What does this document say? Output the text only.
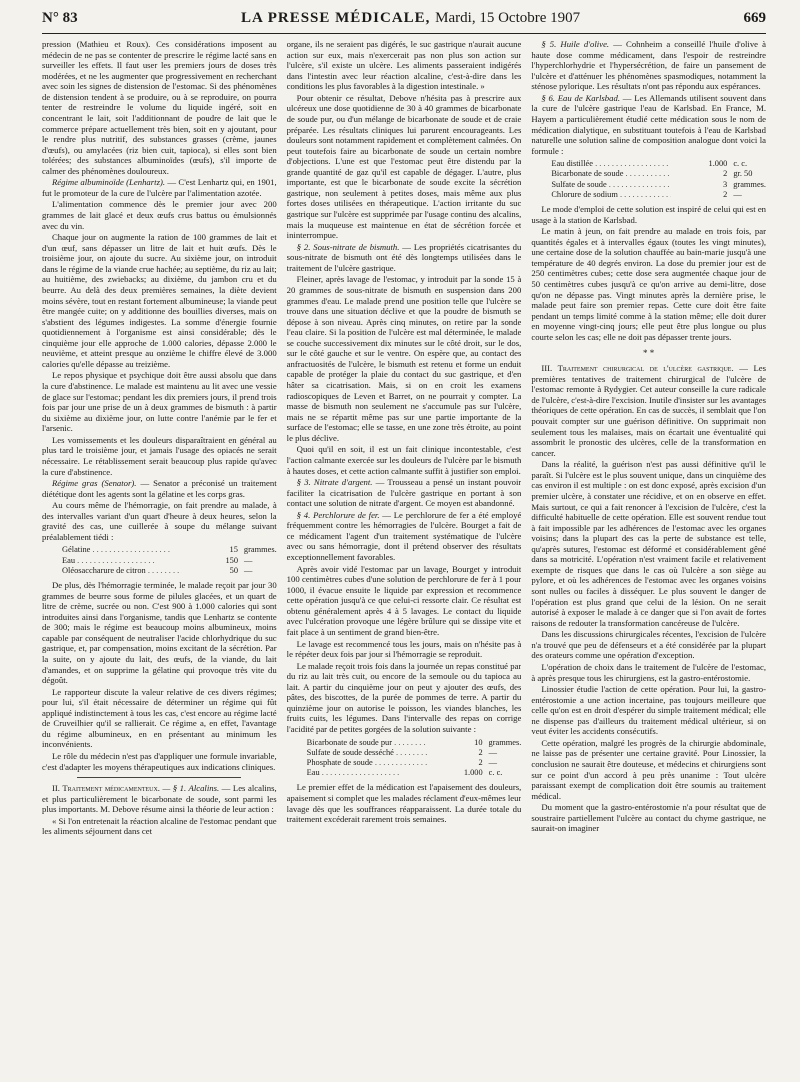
N° 83	LA PRESSE MÉDICALE, Mardi, 15 Octobre 1907	669

pression (Mathieu et Roux). Ces considérations imposent au médecin de ne pas se contenter de prescrire le régime lacté sans en surveiller les effets. Il faut user les premiers jours de doses très modérées, et ne les augmenter que progressivement en recherchant avec soin les signes de distension de l'estomac. Si des phénomènes de distension tendent à se produire, ou à se reproduire, on pourra tenter de restreindre le volume du liquide ingéré, soit en concentrant le lait, soit l'additionnant de poudre de lait que le commerce prépare actuellement très bien, soit en y ajoutant, pour le rendre plus nutritif, des substances grasses (crème, jaunes d'œufs), ou amylacées (riz bien cuit, tapioca), si elles sont bien tolérées; des substances albuminoïdes (œufs), s'il importe de calmer des phénomènes douloureux.

Régime albuminoïde (Lenhartz). — C'est Lenhartz qui, en 1901, fut le promoteur de la cure de l'ulcère par l'alimentation azotée.

L'alimentation commence dès le premier jour avec 200 grammes de lait glacé et deux œufs crus battus ou émulsionnés avec du vin.

Chaque jour on augmente la ration de 100 grammes de lait et d'un œuf, sans dépasser un litre de lait et huit œufs. Dès le troisième jour, on ajoute du sucre. Au sixième jour, on introduit dans le régime de la viande crue hachée; au septième, du riz au lait; au huitième, des zwiebacks; au dixième, du jambon cru et du beurre. Au delà des deux premières semaines, la diète devient moins sévère, tout en restant fortement albumineuse; la viande peut être mangée cuite; on y additionne des bouillies diverses, mais on s'abstient des légumes indigestes. La somme d'énergie fournie quotidiennement à l'organisme est ainsi considérable; dès le cinquième jour elle approche de 1.000 calories, dépasse 2.000 le neuvième, et atteint presque au onzième le chiffre élevé de 3.000 calories qu'elle dépasse au treizième.

Le repos physique et psychique doit être aussi absolu que dans la cure d'abstinence. Le malade est maintenu au lit avec une vessie de glace sur l'estomac; pendant les dix premiers jours, il prend trois fois par jour une prise de un à deux grammes de bismuth : à partir du sixième au dixième jour, on lutte contre l'anémie par le fer et l'arsenic.

Les vomissements et les douleurs disparaîtraient en général au plus tard le troisième jour, et jamais l'usage des opiacés ne serait nécessaire. Le rétablissement serait beaucoup plus rapide qu'avec la cure d'abstinence.

Régime gras (Senator). — Senator a préconisé un traitement diététique dont les agents sont la gélatine et les corps gras.

Au cours même de l'hémorragie, on fait prendre au malade, à des intervalles variant d'un quart d'heure à deux heures, selon la gravité des cas, une cuillerée à soupe du mélange suivant préalablement tiédi :

Gélatine . . .	15 grammes.
Eau . . .	150 —
Oléosaccharure de citron . . .	50 —

De plus, dès l'hémorragie terminée, le malade reçoit par jour 30 grammes de beurre sous forme de pilules glacées, et un quart de litre de crème, sucrée ou non. C'est 900 à 1.000 calories qui sont introduites ainsi dans l'organisme, tandis que Lenhartz se contente de 300; mais le régime est beaucoup moins albumineux, moins capable par conséquent de neutraliser l'acide chlorhydrique du suc gastrique, et, par compensation, moins excitant de la sécrétion. Par la suite, on y ajoute du lait, des œufs, de la viande, du lait d'amandes, et on supprime la gélatine qui provoque très vite du dégoût.

Le rapporteur discute la valeur relative de ces divers régimes; pour lui, s'il était nécessaire de déterminer un régime qui fût appliqué indistinctement à tous les cas, c'est encore au régime lacté de Cruveilhier qu'il se rallierait. Ce régime a, en effet, l'avantage du régime albumineux, en en présentant au minimum les inconvénients.

Le rôle du médecin n'est pas d'appliquer une formule invariable, c'est d'adapter les moyens thérapeutiques aux indications cliniques.

II. Traitement médicamenteux. — § 1. Alcalins. — Les alcalins, et plus particulièrement le bicarbonate de soude, sont parmi les plus importants. M. Debove résume ainsi la théorie de leur action :

« Si l'on entretenait la réaction alcaline de l'estomac pendant que les aliments séjournent dans cet

organe, ils ne seraient pas digérés, le suc gastrique n'aurait aucune action sur eux, mais n'exercerait pas non plus son action sur l'ulcère, s'il existe un ulcère. Les aliments passeraient indigérés dans l'intestin avec leur réaction alcaline, c'est-à-dire dans les conditions les plus favorables à la digestion intestinale. »

Pour obtenir ce résultat, Debove n'hésita pas à prescrire aux ulcéreux une dose quotidienne de 30 à 40 grammes de bicarbonate de soude pur, ou d'un mélange de bicarbonate de soude et de craie préparée. Les résultats cliniques lui parurent encourageants. Les douleurs sont notamment rapidement et complètement calmées. On peut toutefois faire au bicarbonate de soude un certain nombre d'objections. L'une est que l'estomac peut être distendu par la grande quantité de gaz qu'il est capable de dégager. L'autre, plus importante, est que le bicarbonate de soude excite la sécrétion gastrique, non seulement à petites doses, mais même aux plus fortes doses utilisées en thérapeutique. L'action irritante du suc gastrique sur l'ulcère est supprimée par l'usage continu des alcalins, mais la muqueuse est maintenue en état de sécrétion forcée et ininterrompue.

§ 2. Sous-nitrate de bismuth. — Les propriétés cicatrisantes du sous-nitrate de bismuth ont été dès longtemps utilisées dans le traitement de l'ulcère gastrique.

Fleiner, après lavage de l'estomac, y introduit par la sonde 15 à 20 grammes de sous-nitrate de bismuth en suspension dans 200 grammes d'eau. Le malade prend une position telle que l'ulcère se trouve dans une situation déclive et que la poudre de bismuth se dépose à son niveau. Après cinq minutes, on retire par la sonde l'eau claire. Si la position de l'ulcère est mal déterminée, le malade se couche successivement dix minutes sur le côté droit, sur le dos, sur le côté gauche et sur le ventre. On espère que, au contact des anfractuosités de l'ulcère, le bismuth est retenu et forme un enduit capable de protéger la plaie du contact du suc gastrique, et d'en hâter sa cicatrisation. Mais, si on en croit les examens radioscopiques de Leven et Barret, on ne pourrait y compter. La masse de bismuth non seulement ne s'accumule pas sur l'ulcère, mais ne se répartit même pas sur une partie importante de la surface de l'estomac; elle se tasse, en une zone très étroite, au point le plus déclive.

Quoi qu'il en soit, il est un fait clinique incontestable, c'est l'action calmante exercée sur les douleurs de l'ulcère par le bismuth à hautes doses, et cette action calmante suffit à justifier son emploi.

§ 3. Nitrate d'argent. — Trousseau a pensé un instant pouvoir faciliter la cicatrisation de l'ulcère gastrique en portant à son contact une solution de nitrate d'argent. Ce moyen est abandonné.

§ 4. Perchlorure de fer. — Le perchlorure de fer a été employé fréquemment contre les hémorragies de l'ulcère. Bourget a fait de ce médicament l'agent d'un traitement systématique de l'ulcère avec ou sans hémorragie, dont il prétend observer des résultats exceptionnellement favorables.

Après avoir vidé l'estomac par un lavage, Bourget y introduit 100 centimètres cubes d'une solution de perchlorure de fer à 1 pour 1000, il évacue ensuite le liquide par expression et recommence cette opération jusqu'à ce que celui-ci ressorte clair. Ce résultat est obtenu généralement après 4 à 5 lavages. Le contact du liquide avec l'ulcération provoque une légère brûlure qui se dissipe vite et fait place à un sentiment de grand bien-être.

Le lavage est recommencé tous les jours, mais on n'hésite pas à le répéter deux fois par jour si l'hémorragie se reproduit.

Le malade reçoit trois fois dans la journée un repas constitué par du riz au lait très cuit, ou encore de la semoule ou du tapioca au lait. A partir du cinquième jour on peut y ajouter des œufs, des pâtes, des biscottes, de la purée de pommes de terre. A partir du quinzième jour on autorise le poisson, les viandes blanches, les fruits cuits, les légumes. Dans l'intervalle des repas on corrige l'acidité par de petites gorgées de la solution suivante :

Bicarbonate de soude pur . . .	10 grammes.
Sulfate de soude desséché . . .	2 —
Phosphate de soude . . .	2 —
Eau . . .	1.000 c. c.

Le premier effet de la médication est l'apaisement des douleurs, apaisement si complet que les malades réclament d'eux-mêmes leur lavage dès que les souffrances réapparaissent. La durée totale du traitement excéderait rarement trois semaines.

§ 5. Huile d'olive. — Cohnheim a conseillé l'huile d'olive à haute dose comme médicament, dans l'espoir de restreindre l'hyperchlorhydrie et l'hypersécrétion, de faire un pansement de l'ulcère et d'atténuer les phénomènes spasmodiques, notamment la sténose pylorique. Les résultats n'ont pas répondu aux espérances.

§ 6. Eau de Karlsbad. — Les Allemands utilisent souvent dans la cure de l'ulcère gastrique l'eau de Karlsbad. En France, M. Hayem a particulièrement étudié cette médication sous le nom de médication dialytique, en substituant toutefois à l'eau de Karlsbad naturelle une solution saline de composition analogue dont voici la formule :

Eau distillée . . .	1.000 c. c.
Bicarbonate de soude . . .	2 gr. 50
Sulfate de soude . . .	3 grammes.
Chlorure de sodium . . .	2 —

Le mode d'emploi de cette solution est inspiré de celui qui est en usage à la station de Karlsbad.

Le matin à jeun, on fait prendre au malade en trois fois, par quantités égales et à intervalles égaux (toutes les vingt minutes), une certaine dose de la solution chauffée au bain-marie jusqu'à une température de 40 degrés environ. La dose du premier jour est de 250 centimètres cubes; cette dose sera augmentée chaque jour de 50 centimètres cubes jusqu'à ce qu'on arrive au demi-litre, dose qu'on ne dépasse pas. Vingt minutes après la dernière prise, le malade peut faire son premier repas. Cette cure doit être faite pendant un temps limité comme à la station même; elle doit durer en moyenne vingt-cinq jours; elle peut être plus longue ou plus courte selon les cas; elle ne doit pas dépasser trente jours.

* *

III. Traitement chirurgical de l'ulcère gastrique. — Les premières tentatives de traitement chirurgical de l'ulcère de l'estomac remonte à Rydygier. Cet auteur conseille la cure radicale de l'ulcère, c'est-à-dire l'excision. Inutile d'insister sur les avantages théoriques de cette opération. En cas de succès, il semblait que l'on pouvait compter sur une guérison définitive. On supprimait non seulement tous les malaises, mais on écartait une éventualité qui assombrit le pronostic des ulcères, celle de la transformation en cancer.

Dans la réalité, la guérison n'est pas aussi définitive qu'il le paraît. Si l'ulcère est le plus souvent unique, dans un cinquième des cas environ il est multiple : on est donc exposé, après excision d'un premier ulcère, à constater une récidive, et on en observe en effet. Mais surtout, ce qui a fait renoncer à l'excision de l'ulcère, c'est la difficulté habituelle de cette opération. Elle est souvent rendue tout à fait impossible par les adhérences de l'estomac avec les organes voisins; dans la plupart des cas la perte de substance est telle, qu'après sutures, l'estomac est déformé et considérablement gêné dans sa motricité. L'opération n'est vraiment facile et relativement exempte de risques que dans le cas où l'ulcère a son siège au pylore, et où les adhérences de l'estomac avec les organes voisins sont nulles ou faciles à disséquer. Le plus souvent le danger de l'opération est plus grand que celui de la lésion. On ne serait autorisé à exposer le malade à ce danger que si l'on avait de fortes raisons de redouter la transformation cancéreuse de l'ulcère.

Dans les discussions chirurgicales récentes, l'excision de l'ulcère n'a trouvé que peu de défenseurs et a été considérée par la plupart des orateurs comme une opération d'exception.

L'opération de choix dans le traitement de l'ulcère de l'estomac, à après presque tous les chirurgiens, est la gastro-entérostomie.

Linossier étudie l'action de cette opération. Pour lui, la gastro-entérostomie a une action incertaine, pas toujours meilleure que celle qu'on est en droit d'espérer du simple traitement médical; elle ne dispense pas d'ailleurs du traitement médical ultérieur, si on veut éviter les accidents consécutifs.

Cette opération, malgré les progrès de la chirurgie abdominale, ne laisse pas de présenter une certaine gravité. Pour Linossier, la conclusion ne saurait être douteuse, et médecins et chirurgiens sont sur ce point d'un accord à peu près unanime : Tout ulcère paraissant exempt de complication doit être soumis au traitement médical.

Du moment que la gastro-entérostomie n'a pour résultat que de soustraire partiellement l'ulcère au contact du chyme gastrique, ne saurait-on imaginer
